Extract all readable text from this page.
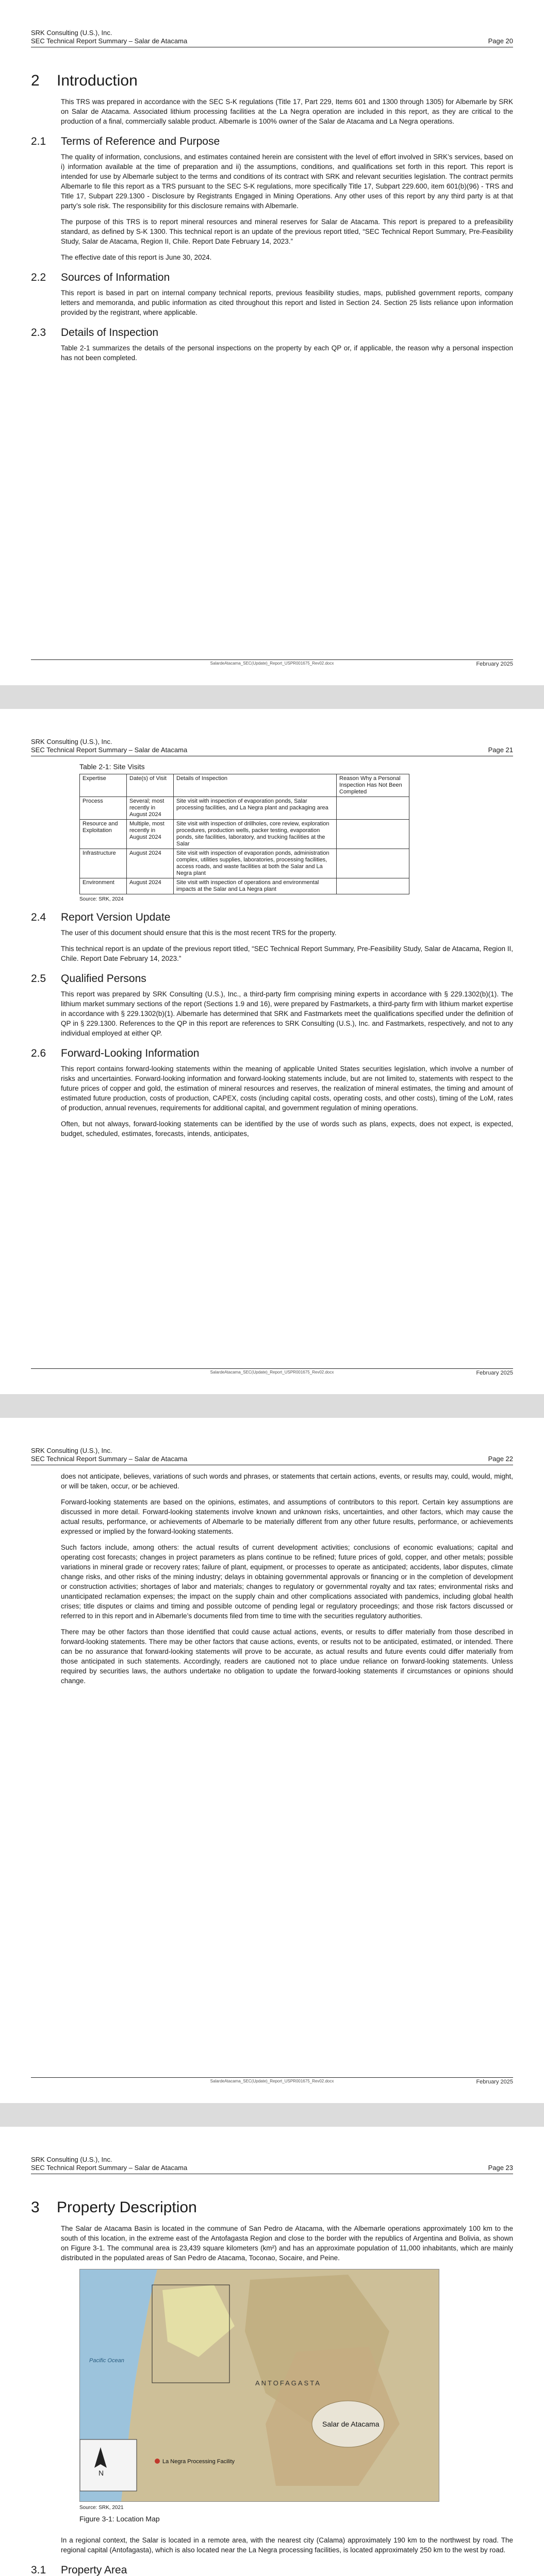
SRK Consulting (U.S.), Inc.
SEC Technical Report Summary – Salar de Atacama	Page 20
2 Introduction

This TRS was prepared in accordance with the SEC S-K regulations (Title 17, Part 229, Items 601 and 1300 through 1305) for Albemarle by SRK on Salar de Atacama. Associated lithium processing facilities at the La Negra operation are included in this report, as they are critical to the production of a final, commercially salable product. Albemarle is 100% owner of the Salar de Atacama and La Negra operations.

2.1 Terms of Reference and Purpose

The quality of information, conclusions, and estimates contained herein are consistent with the level of effort involved in SRK’s services, based on i) information available at the time of preparation and ii) the assumptions, conditions, and qualifications set forth in this report. This report is intended for use by Albemarle subject to the terms and conditions of its contract with SRK and relevant securities legislation. The contract permits Albemarle to file this report as a TRS pursuant to the SEC S-K regulations, more specifically Title 17, Subpart 229.600, item 601(b)(96) - TRS and Title 17, Subpart 229.1300 - Disclosure by Registrants Engaged in Mining Operations. Any other uses of this report by any third party is at that party’s sole risk. The responsibility for this disclosure remains with Albemarle.

The purpose of this TRS is to report mineral resources and mineral reserves for Salar de Atacama. This report is prepared to a prefeasibility standard, as defined by S-K 1300. This technical report is an update of the previous report titled, “SEC Technical Report Summary, Pre-Feasibility Study, Salar de Atacama, Region II, Chile. Report Date February 14, 2023.”

The effective date of this report is June 30, 2024.

2.2 Sources of Information

This report is based in part on internal company technical reports, previous feasibility studies, maps, published government reports, company letters and memoranda, and public information as cited throughout this report and listed in Section 24. Section 25 lists reliance upon information provided by the registrant, where applicable.

2.3 Details of Inspection

Table 2-1 summarizes the details of the personal inspections on the property by each QP or, if applicable, the reason why a personal inspection has not been completed.

SalardeAtacama_SEC(Update)_Report_USPR001675_Rev02.docx	February 2025
SRK Consulting (U.S.), Inc.
SEC Technical Report Summary – Salar de Atacama	Page 21
Table 2-1: Site Visits
Expertise	Date(s) of Visit	Details of Inspection	Reason Why a Personal Inspection Has Not Been Completed
Process	Several; most recently in August 2024	Site visit with inspection of evaporation ponds, Salar processing facilities, and La Negra plant and packaging area	
Resource and Exploitation	Multiple, most recently in August 2024	Site visit with inspection of drillholes, core review, exploration procedures, production wells, packer testing, evaporation ponds, site facilities, laboratory, and trucking facilities at the Salar	
Infrastructure	August 2024	Site visit with inspection of evaporation ponds, administration complex, utilities supplies, laboratories, processing facilities, access roads, and waste facilities at both the Salar and La Negra plant	
Environment	August 2024	Site visit with inspection of operations and environmental impacts at the Salar and La Negra plant	
Source: SRK, 2024
2.4 Report Version Update

The user of this document should ensure that this is the most recent TRS for the property.

This technical report is an update of the previous report titled, “SEC Technical Report Summary, Pre-Feasibility Study, Salar de Atacama, Region II, Chile. Report Date February 14, 2023.”

2.5 Qualified Persons

This report was prepared by SRK Consulting (U.S.), Inc., a third-party firm comprising mining experts in accordance with § 229.1302(b)(1). The lithium market summary sections of the report (Sections 1.9 and 16), were prepared by Fastmarkets, a third-party firm with lithium market expertise in accordance with § 229.1302(b)(1). Albemarle has determined that SRK and Fastmarkets meet the qualifications specified under the definition of QP in § 229.1300. References to the QP in this report are references to SRK Consulting (U.S.), Inc. and Fastmarkets, respectively, and not to any individual employed at either QP.

2.6 Forward-Looking Information

This report contains forward-looking statements within the meaning of applicable United States securities legislation, which involve a number of risks and uncertainties. Forward-looking information and forward-looking statements include, but are not limited to, statements with respect to the future prices of copper and gold, the estimation of mineral resources and reserves, the realization of mineral estimates, the timing and amount of estimated future production, costs of production, CAPEX, costs (including capital costs, operating costs, and other costs), timing of the LoM, rates of production, annual revenues, requirements for additional capital, and government regulation of mining operations.

Often, but not always, forward-looking statements can be identified by the use of words such as plans, expects, does not expect, is expected, budget, scheduled, estimates, forecasts, intends, anticipates,

SalardeAtacama_SEC(Update)_Report_USPR001675_Rev02.docx	February 2025
SRK Consulting (U.S.), Inc.
SEC Technical Report Summary – Salar de Atacama	Page 22

does not anticipate, believes, variations of such words and phrases, or statements that certain actions, events, or results may, could, would, might, or will be taken, occur, or be achieved.

Forward-looking statements are based on the opinions, estimates, and assumptions of contributors to this report. Certain key assumptions are discussed in more detail. Forward-looking statements involve known and unknown risks, uncertainties, and other factors, which may cause the actual results, performance, or achievements of Albemarle to be materially different from any other future results, performance, or achievements expressed or implied by the forward-looking statements.

Such factors include, among others: the actual results of current development activities; conclusions of economic evaluations; capital and operating cost forecasts; changes in project parameters as plans continue to be refined; future prices of gold, copper, and other metals; possible variations in mineral grade or recovery rates; failure of plant, equipment, or processes to operate as anticipated; accidents, labor disputes, climate change risks, and other risks of the mining industry; delays in obtaining governmental approvals or financing or in the completion of development or construction activities; shortages of labor and materials; changes to regulatory or governmental royalty and tax rates; environmental risks and unanticipated reclamation expenses; the impact on the supply chain and other complications associated with pandemics, including global health crises; title disputes or claims and timing and possible outcome of pending legal or regulatory proceedings; and those risk factors discussed or referred to in this report and in Albemarle’s documents filed from time to time with the securities regulatory authorities.

There may be other factors than those identified that could cause actual actions, events, or results to differ materially from those described in forward-looking statements. There may be other factors that cause actions, events, or results not to be anticipated, estimated, or intended. There can be no assurance that forward-looking statements will prove to be accurate, as actual results and future events could differ materially from those anticipated in such statements. Accordingly, readers are cautioned not to place undue reliance on forward-looking statements. Unless required by securities laws, the authors undertake no obligation to update the forward-looking statements if circumstances or opinions should change.

SalardeAtacama_SEC(Update)_Report_USPR001675_Rev02.docx	February 2025
SRK Consulting (U.S.), Inc.
SEC Technical Report Summary – Salar de Atacama	Page 23
3 Property Description

The Salar de Atacama Basin is located in the commune of San Pedro de Atacama, with the Albemarle operations approximately 100 km to the south of this location, in the extreme east of the Antofagasta Region and close to the border with the republics of Argentina and Bolivia, as shown on Figure 3-1. The communal area is 23,439 square kilometers (km²) and has an approximate population of 11,000 inhabitants, which are mainly distributed in the populated areas of San Pedro de Atacama, Toconao, Socaire, and Peine.

N
La Negra Processing Facility
ANTOFAGASTA
Salar de Atacama
Pacific Ocean
Source: SRK, 2021
Figure 3-1: Location Map

In a regional context, the Salar is located in a remote area, with the nearest city (Calama) approximately 190 km to the northwest by road. The regional capital (Antofagasta), which is also located near the La Negra processing facilities, is located approximately 250 km to the west by road.

3.1 Property Area
